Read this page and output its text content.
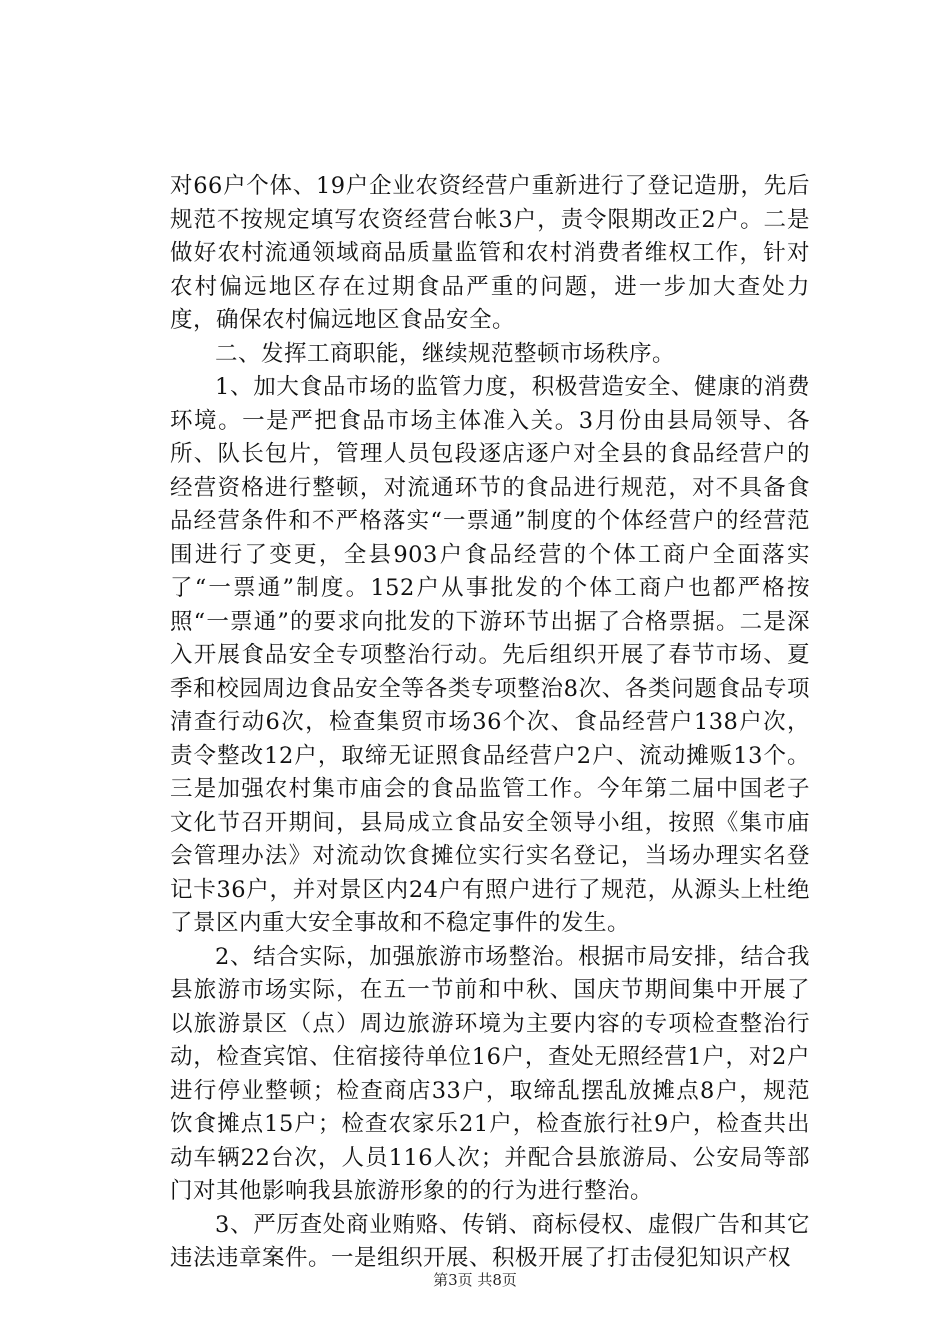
对66户个体、19户企业农资经营户重新进行了登记造册，先后规范不按规定填写农资经营台帐3户，责令限期改正2户。二是做好农村流通领域商品质量监管和农村消费者维权工作，针对农村偏远地区存在过期食品严重的问题，进一步加大查处力度，确保农村偏远地区食品安全。

二、发挥工商职能，继续规范整顿市场秩序。

1、加大食品市场的监管力度，积极营造安全、健康的消费环境。一是严把食品市场主体准入关。3月份由县局领导、各所、队长包片，管理人员包段逐店逐户对全县的食品经营户的经营资格进行整顿，对流通环节的食品进行规范，对不具备食品经营条件和不严格落实“一票通”制度的个体经营户的经营范围进行了变更，全县903户食品经营的个体工商户全面落实了“一票通”制度。152户从事批发的个体工商户也都严格按照“一票通”的要求向批发的下游环节出据了合格票据。二是深入开展食品安全专项整治行动。先后组织开展了春节市场、夏季和校园周边食品安全等各类专项整治8次、各类问题食品专项清查行动6次，检查集贸市场36个次、食品经营户138户次，责令整改12户，取缔无证照食品经营户2户、流动摊贩13个。三是加强农村集市庙会的食品监管工作。今年第二届中国老子文化节召开期间，县局成立食品安全领导小组，按照《集市庙会管理办法》对流动饮食摊位实行实名登记，当场办理实名登记卡36户，并对景区内24户有照户进行了规范，从源头上杜绝了景区内重大安全事故和不稳定事件的发生。

2、结合实际，加强旅游市场整治。根据市局安排，结合我县旅游市场实际，在五一节前和中秋、国庆节期间集中开展了以旅游景区（点）周边旅游环境为主要内容的专项检查整治行动，检查宾馆、住宿接待单位16户，查处无照经营1户，对2户进行停业整顿；检查商店33户，取缔乱摆乱放摊点8户，规范饮食摊点15户；检查农家乐21户，检查旅行社9户，检查共出动车辆22台次，人员116人次；并配合县旅游局、公安局等部门对其他影响我县旅游形象的的行为进行整治。

3、严厉查处商业贿赂、传销、商标侵权、虚假广告和其它违法违章案件。一是组织开展、积极开展了打击侵犯知识产权

第3页 共8页
